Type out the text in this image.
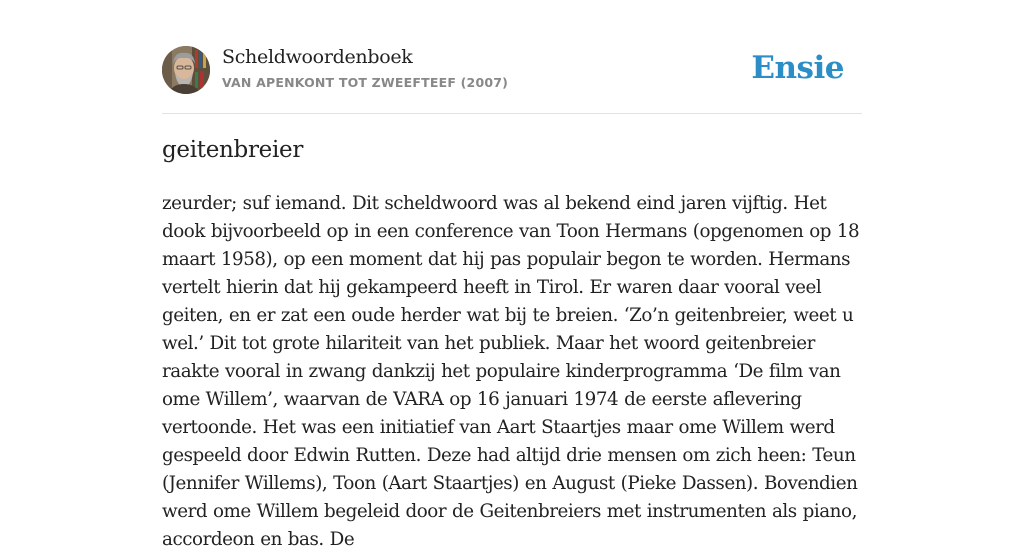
Scheldwoordenboek
VAN APENKONT TOT ZWEEFTEEF (2007)	Ensie
geitenbreier

zeurder; suf iemand. Dit scheldwoord was al bekend eind jaren vijftig. Het dook bijvoorbeeld op in een conference van Toon Hermans (opgenomen op 18 maart 1958), op een moment dat hij pas populair begon te worden. Hermans vertelt hierin dat hij gekampeerd heeft in Tirol. Er waren daar vooral veel geiten, en er zat een oude herder wat bij te breien. ‘Zo’n geitenbreier, weet u wel.’ Dit tot grote hilariteit van het publiek. Maar het woord geitenbreier raakte vooral in zwang dankzij het populaire kinderprogramma ‘De film van ome Willem’, waarvan de VARA op 16 januari 1974 de eerste aflevering vertoonde. Het was een initiatief van Aart Staartjes maar ome Willem werd gespeeld door Edwin Rutten. Deze had altijd drie mensen om zich heen: Teun (Jennifer Willems), Toon (Aart Staartjes) en August (Pieke Dassen). Bovendien werd ome Willem begeleid door de Geitenbreiers met instrumenten als piano, accordeon en bas. De
